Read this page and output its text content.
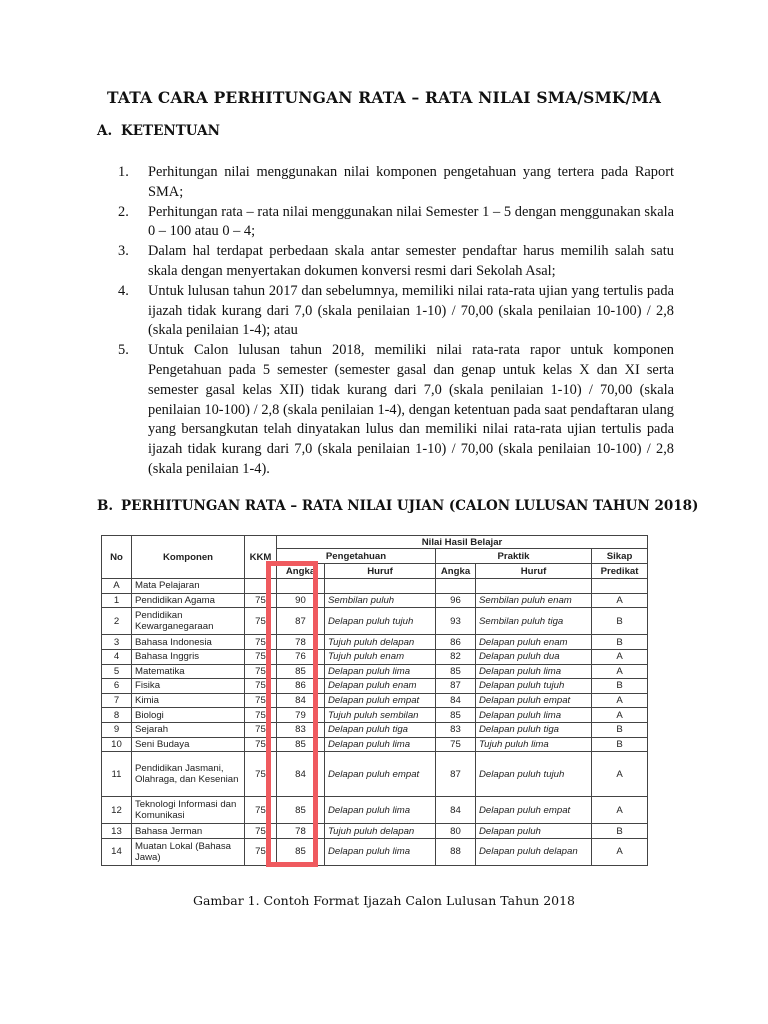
TATA CARA PERHITUNGAN RATA – RATA NILAI SMA/SMK/MA
A. KETENTUAN
1. Perhitungan nilai menggunakan nilai komponen pengetahuan yang tertera pada Raport SMA;
2. Perhitungan rata – rata nilai menggunakan nilai Semester 1 – 5 dengan menggunakan skala 0 – 100 atau 0 – 4;
3. Dalam hal terdapat perbedaan skala antar semester pendaftar harus memilih salah satu skala dengan menyertakan dokumen konversi resmi dari Sekolah Asal;
4. Untuk lulusan tahun 2017 dan sebelumnya, memiliki nilai rata-rata ujian yang tertulis pada ijazah tidak kurang dari 7,0 (skala penilaian 1-10) / 70,00 (skala penilaian 10-100) / 2,8 (skala penilaian 1-4); atau
5. Untuk Calon lulusan tahun 2018, memiliki nilai rata-rata rapor untuk komponen Pengetahuan pada 5 semester (semester gasal dan genap untuk kelas X dan XI serta semester gasal kelas XII) tidak kurang dari 7,0 (skala penilaian 1-10) / 70,00 (skala penilaian 10-100) / 2,8 (skala penilaian 1-4), dengan ketentuan pada saat pendaftaran ulang yang bersangkutan telah dinyatakan lulus dan memiliki nilai rata-rata ujian tertulis pada ijazah tidak kurang dari 7,0 (skala penilaian 1-10) / 70,00 (skala penilaian 10-100) / 2,8 (skala penilaian 1-4).
B. PERHITUNGAN RATA – RATA NILAI UJIAN (CALON LULUSAN TAHUN 2018)
No	Komponen	KKM	Nilai Hasil Belajar				
			Pengetahuan		Praktik		Sikap
			Angka	Huruf	Angka	Huruf	Predikat
A	Mata Pelajaran						
1	Pendidikan Agama	75	90	Sembilan puluh	96	Sembilan puluh enam	A
2	Pendidikan Kewarganegaraan	75	87	Delapan puluh tujuh	93	Sembilan puluh tiga	B
3	Bahasa Indonesia	75	78	Tujuh puluh delapan	86	Delapan puluh enam	B
4	Bahasa Inggris	75	76	Tujuh puluh enam	82	Delapan puluh dua	A
5	Matematika	75	85	Delapan puluh lima	85	Delapan puluh lima	A
6	Fisika	75	86	Delapan puluh enam	87	Delapan puluh tujuh	B
7	Kimia	75	84	Delapan puluh empat	84	Delapan puluh empat	A
8	Biologi	75	79	Tujuh puluh sembilan	85	Delapan puluh lima	A
9	Sejarah	75	83	Delapan puluh tiga	83	Delapan puluh tiga	B
10	Seni Budaya	75	85	Delapan puluh lima	75	Tujuh puluh lima	B
11	Pendidikan Jasmani, Olahraga, dan Kesenian	75	84	Delapan puluh empat	87	Delapan puluh tujuh	A
12	Teknologi Informasi dan Komunikasi	75	85	Delapan puluh lima	84	Delapan puluh empat	A
13	Bahasa Jerman	75	78	Tujuh puluh delapan	80	Delapan puluh	B
14	Muatan Lokal (Bahasa Jawa)	75	85	Delapan puluh lima	88	Delapan puluh delapan	A
Gambar 1. Contoh Format Ijazah Calon Lulusan Tahun 2018
